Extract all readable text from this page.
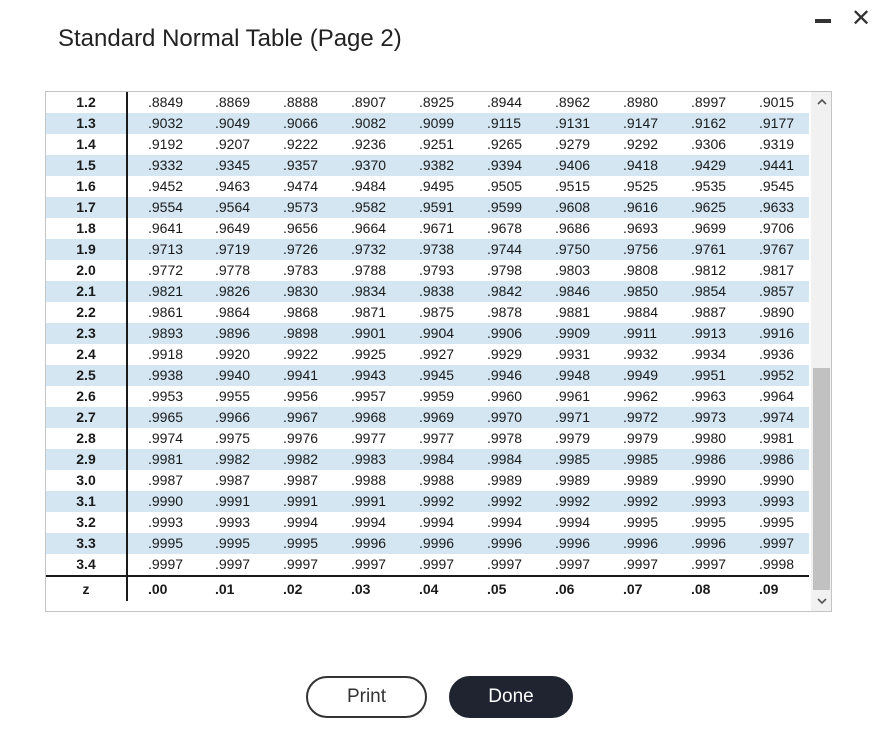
Standard Normal Table (Page 2)
✕
1.2	.8849	.8869	.8888	.8907	.8925	.8944	.8962	.8980	.8997	.9015
1.3	.9032	.9049	.9066	.9082	.9099	.9115	.9131	.9147	.9162	.9177
1.4	.9192	.9207	.9222	.9236	.9251	.9265	.9279	.9292	.9306	.9319
1.5	.9332	.9345	.9357	.9370	.9382	.9394	.9406	.9418	.9429	.9441
1.6	.9452	.9463	.9474	.9484	.9495	.9505	.9515	.9525	.9535	.9545
1.7	.9554	.9564	.9573	.9582	.9591	.9599	.9608	.9616	.9625	.9633
1.8	.9641	.9649	.9656	.9664	.9671	.9678	.9686	.9693	.9699	.9706
1.9	.9713	.9719	.9726	.9732	.9738	.9744	.9750	.9756	.9761	.9767
2.0	.9772	.9778	.9783	.9788	.9793	.9798	.9803	.9808	.9812	.9817
2.1	.9821	.9826	.9830	.9834	.9838	.9842	.9846	.9850	.9854	.9857
2.2	.9861	.9864	.9868	.9871	.9875	.9878	.9881	.9884	.9887	.9890
2.3	.9893	.9896	.9898	.9901	.9904	.9906	.9909	.9911	.9913	.9916
2.4	.9918	.9920	.9922	.9925	.9927	.9929	.9931	.9932	.9934	.9936
2.5	.9938	.9940	.9941	.9943	.9945	.9946	.9948	.9949	.9951	.9952
2.6	.9953	.9955	.9956	.9957	.9959	.9960	.9961	.9962	.9963	.9964
2.7	.9965	.9966	.9967	.9968	.9969	.9970	.9971	.9972	.9973	.9974
2.8	.9974	.9975	.9976	.9977	.9977	.9978	.9979	.9979	.9980	.9981
2.9	.9981	.9982	.9982	.9983	.9984	.9984	.9985	.9985	.9986	.9986
3.0	.9987	.9987	.9987	.9988	.9988	.9989	.9989	.9989	.9990	.9990
3.1	.9990	.9991	.9991	.9991	.9992	.9992	.9992	.9992	.9993	.9993
3.2	.9993	.9993	.9994	.9994	.9994	.9994	.9994	.9995	.9995	.9995
3.3	.9995	.9995	.9995	.9996	.9996	.9996	.9996	.9996	.9996	.9997
3.4	.9997	.9997	.9997	.9997	.9997	.9997	.9997	.9997	.9997	.9998
z	.00	.01	.02	.03	.04	.05	.06	.07	.08	.09
Print	Done
